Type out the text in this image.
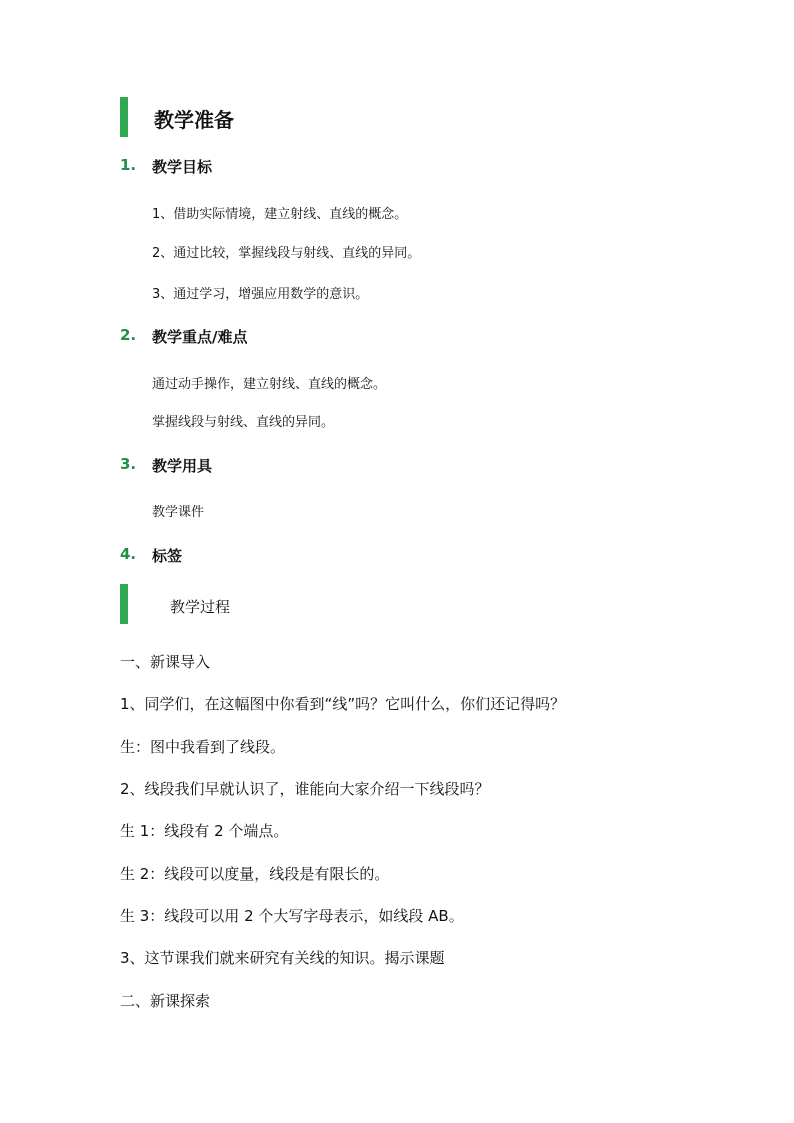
教学准备
1. 教学目标
1、借助实际情境，建立射线、直线的概念。
2、通过比较，掌握线段与射线、直线的异同。
3、通过学习，增强应用数学的意识。
2. 教学重点/难点
通过动手操作，建立射线、直线的概念。
掌握线段与射线、直线的异同。
3. 教学用具
教学课件
4. 标签
教学过程
一、新课导入
1、同学们，在这幅图中你看到“线”吗？它叫什么，你们还记得吗？
生：图中我看到了线段。
2、线段我们早就认识了，谁能向大家介绍一下线段吗？
生 1：线段有 2 个端点。
生 2：线段可以度量，线段是有限长的。
生 3：线段可以用 2 个大写字母表示，如线段 AB。
3、这节课我们就来研究有关线的知识。揭示课题
二、新课探索
